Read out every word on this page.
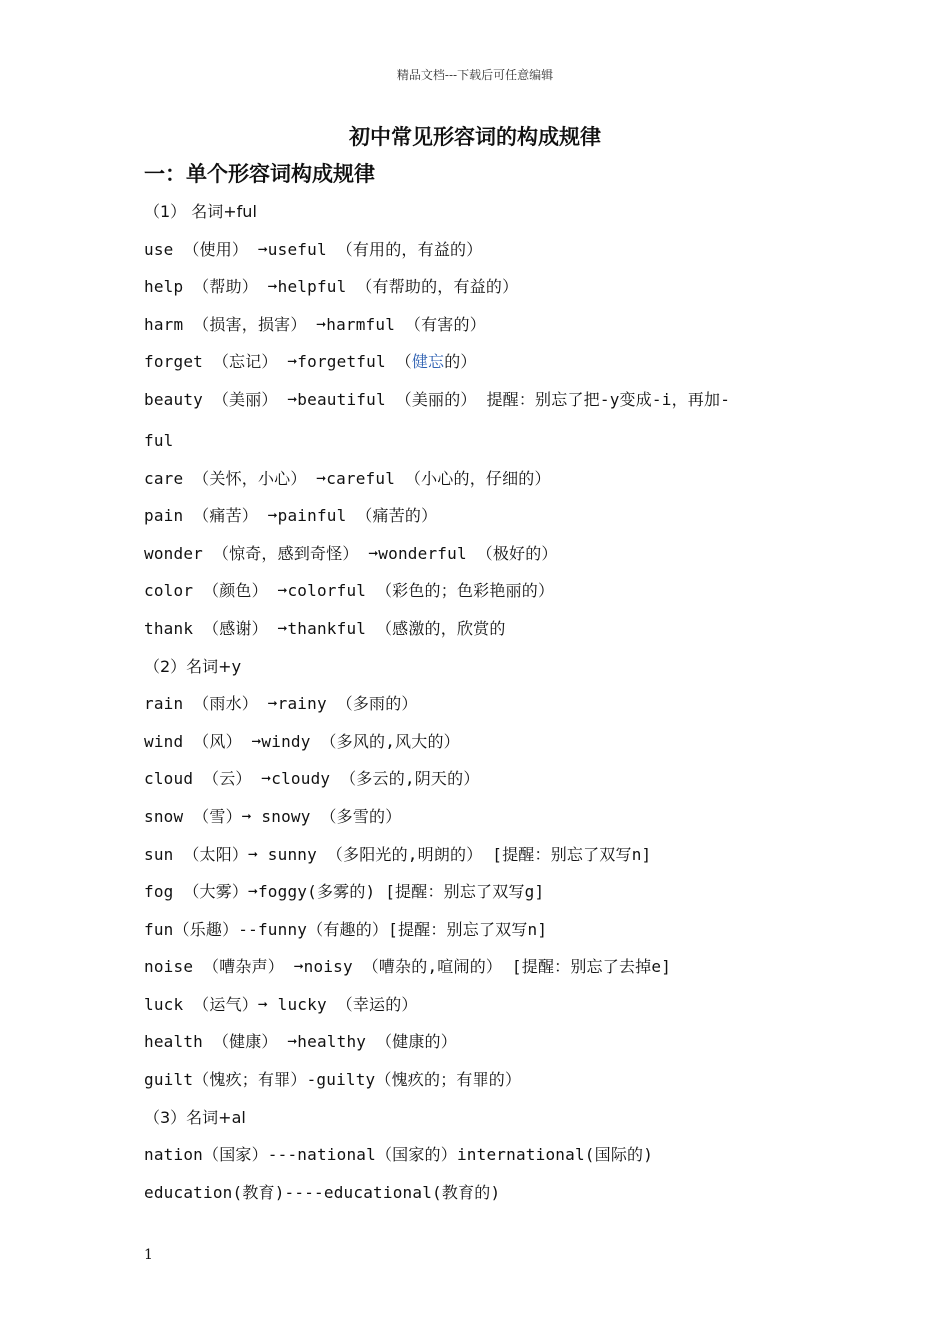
精品文档---下载后可任意编辑
初中常见形容词的构成规律
一：单个形容词构成规律
（1） 名词+ful
use （使用） ➞useful （有用的，有益的）
help （帮助） ➞helpful （有帮助的，有益的）
harm （损害，损害） ➞harmful （有害的）
forget （忘记） ➞forgetful （健忘的）
beauty （美丽） ➞beautiful （美丽的） 提醒：别忘了把-y变成-i，再加-
ful
care （关怀，小心） ➞careful （小心的，仔细的）
pain （痛苦） ➞painful （痛苦的）
wonder （惊奇，感到奇怪） ➞wonderful （极好的）
color （颜色） ➞colorful （彩色的；色彩艳丽的）
thank （感谢） ➞thankful （感激的，欣赏的
（2）名词+y
rain （雨水） ➞rainy （多雨的）
wind （风） ➞windy （多风的,风大的）
cloud （云） ➞cloudy （多云的,阴天的）
snow （雪）➞ snowy （多雪的）
sun （太阳）➞ sunny （多阳光的,明朗的） [提醒：别忘了双写n]
fog （大雾）➞foggy(多雾的) [提醒：别忘了双写g]
fun（乐趣）--funny（有趣的）[提醒：别忘了双写n]
noise （嘈杂声） ➞noisy （嘈杂的,喧闹的） [提醒：别忘了去掉e]
luck （运气）➞ lucky （幸运的）
health （健康） ➞healthy （健康的）
guilt（愧疚；有罪）-guilty（愧疚的；有罪的）
（3）名词+al
nation（国家）---national（国家的）international(国际的)
education(教育)----educational(教育的)
1
